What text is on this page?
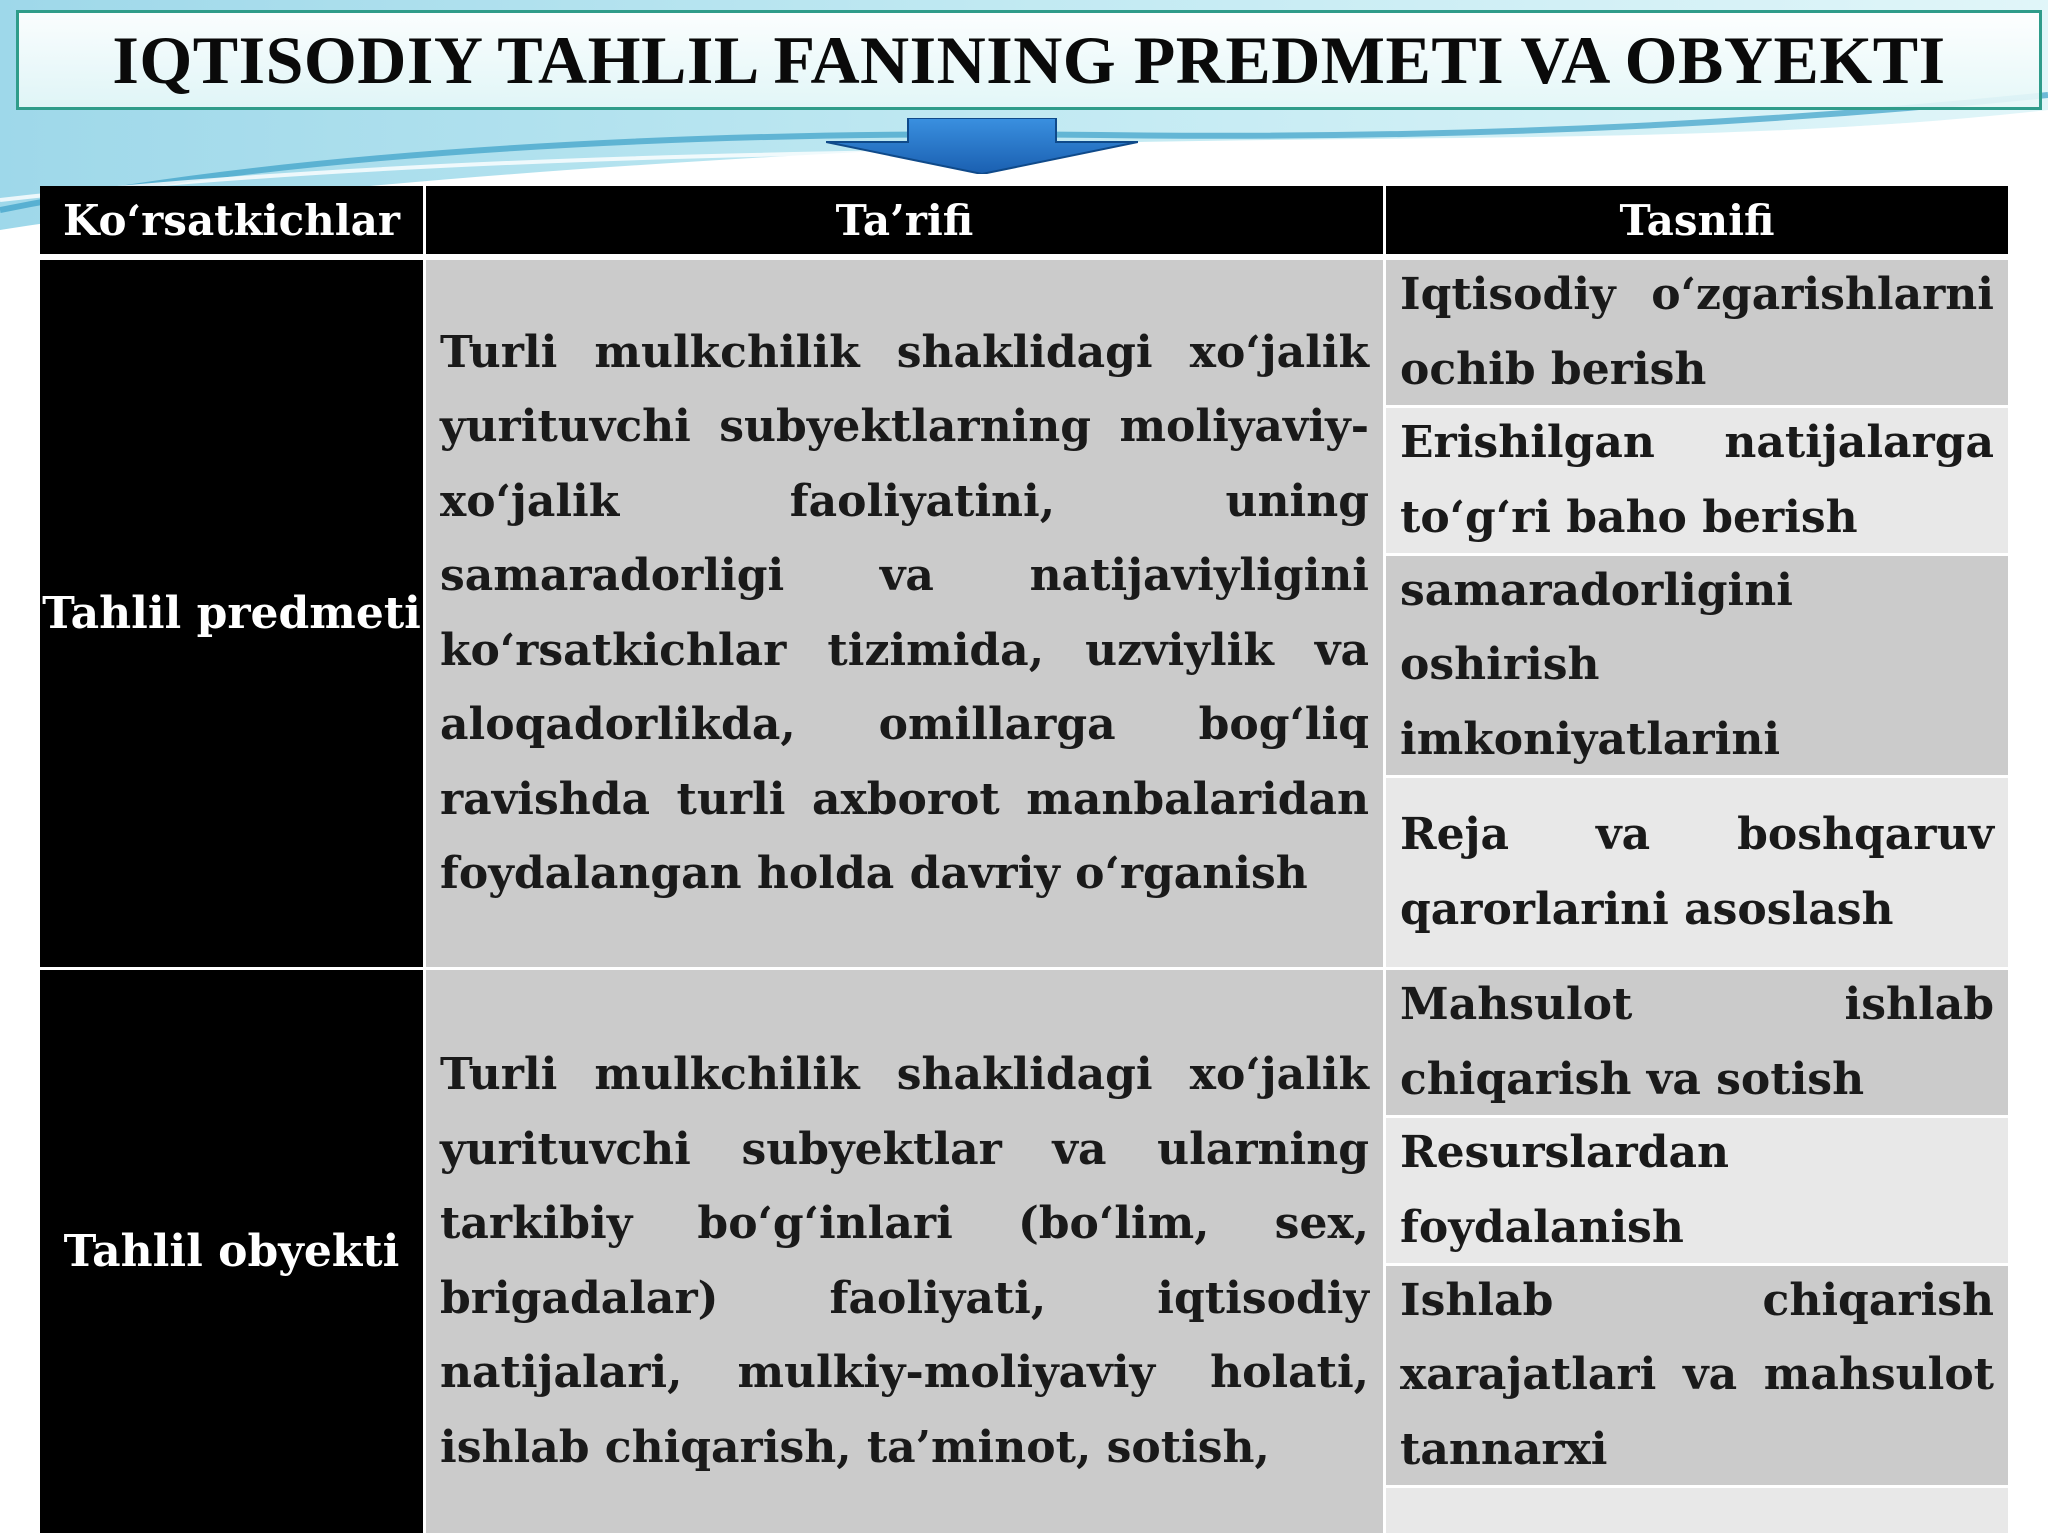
IQTISODIY TAHLIL FANINING PREDMETI VA OBYEKTI
Ko‘rsatkichlar	Ta’rifi	Tasnifi
Tahlil predmeti
Turli mulkchilik shaklidagi xo‘jalik yurituvchi subyektlarning moliyaviy-xo‘jalik faoliyatini, uning samaradorligi va natijaviyligini ko‘rsatkichlar tizimida, uzviylik va aloqadorlikda, omillarga bog‘liq ravishda turli axborot manbalaridan foydalangan holda davriy o‘rganish
Iqtisodiy o‘zgarishlarni ochib berish
Erishilgan natijalarga to‘g‘ri baho berish
samaradorligini oshirish imkoniyatlarini
Reja va boshqaruv qarorlarini asoslash
Tahlil obyekti
Turli mulkchilik shaklidagi xo‘jalik yurituvchi subyektlar va ularning tarkibiy bo‘g‘inlari (bo‘lim, sex, brigadalar) faoliyati, iqtisodiy natijalari, mulkiy-moliyaviy holati, ishlab chiqarish, ta’minot, sotish,
Mahsulot ishlab chiqarish va sotish
Resurslardan foydalanish
Ishlab chiqarish xarajatlari va mahsulot tannarxi
